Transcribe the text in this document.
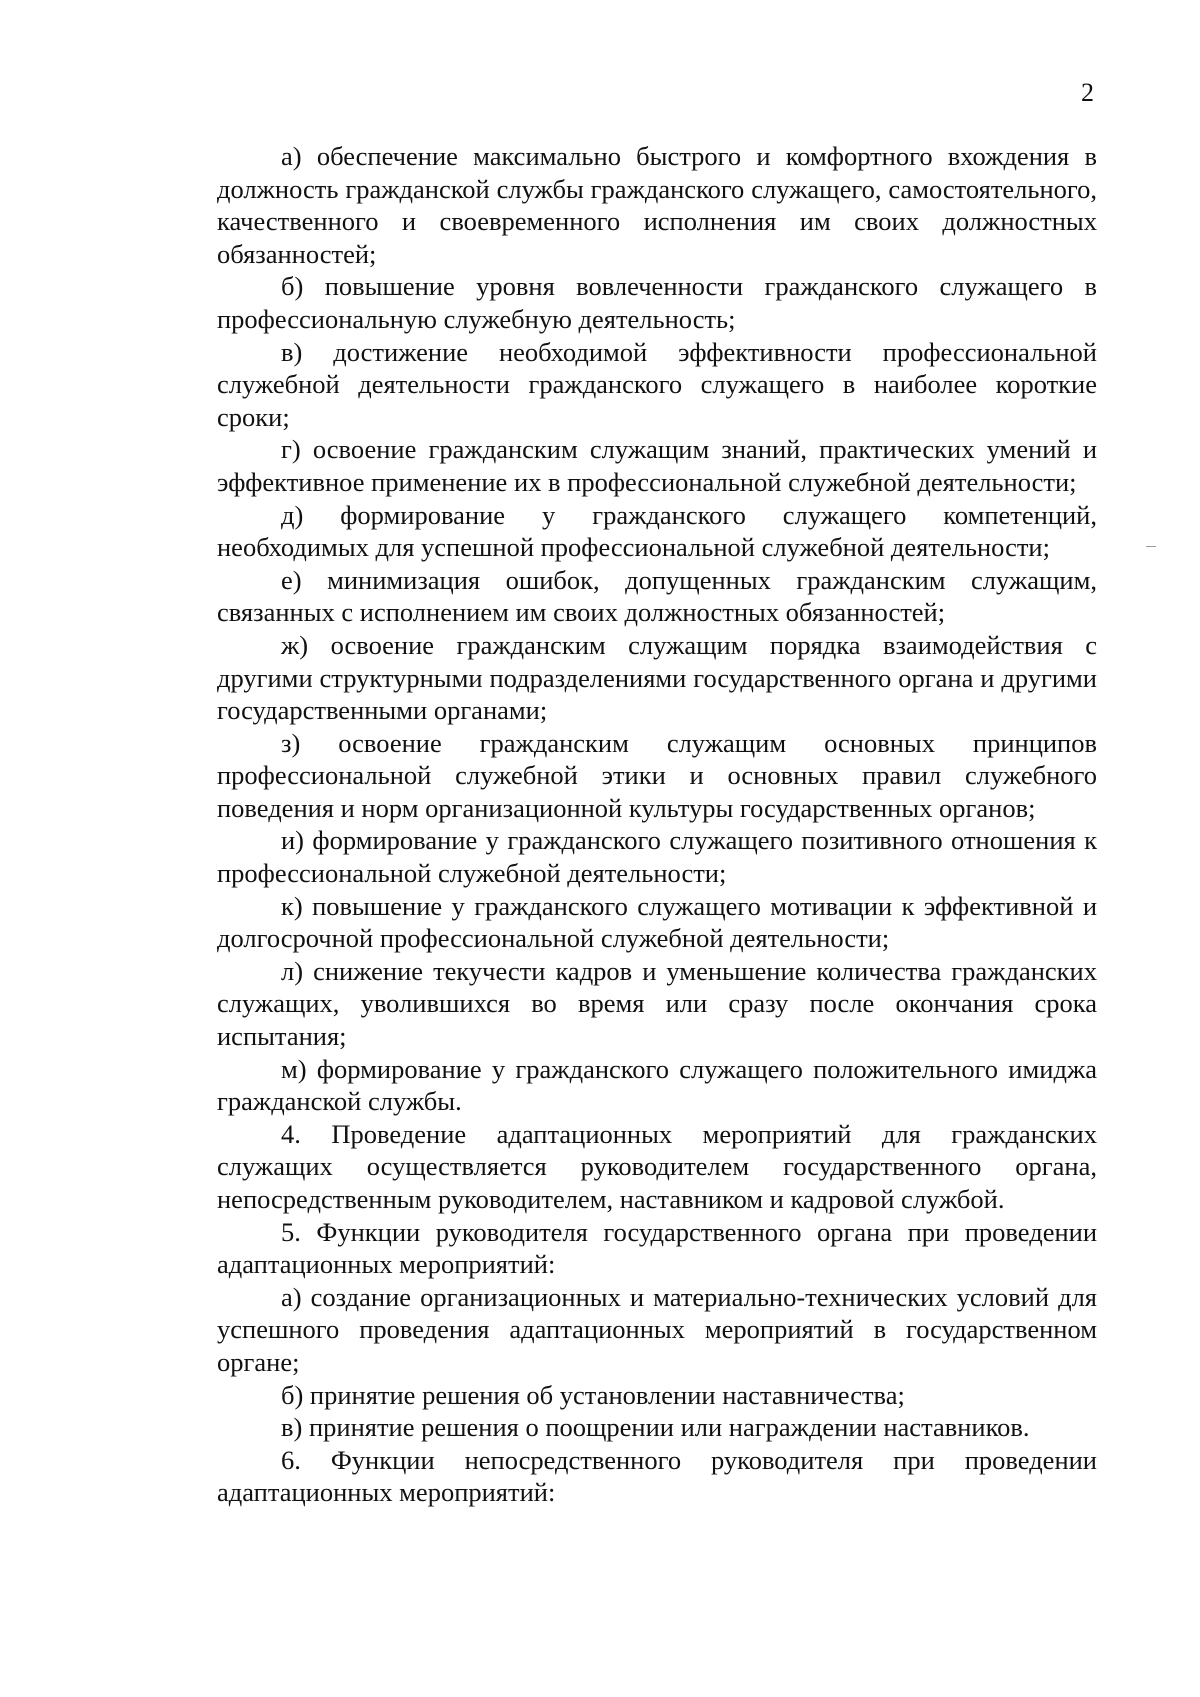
2

а) обеспечение максимально быстрого и комфортного вхождения в должность гражданской службы гражданского служащего, самостоятельного, качественного и своевременного исполнения им своих должностных обязанностей;

б) повышение уровня вовлеченности гражданского служащего в профессиональную служебную деятельность;

в) достижение необходимой эффективности профессиональной служебной деятельности гражданского служащего в наиболее короткие сроки;

г) освоение гражданским служащим знаний, практических умений и эффективное применение их в профессиональной служебной деятельности;

д) формирование у гражданского служащего компетенций, необходимых для успешной профессиональной служебной деятельности;

е) минимизация ошибок, допущенных гражданским служащим, связанных с исполнением им своих должностных обязанностей;

ж) освоение гражданским служащим порядка взаимодействия с другими структурными подразделениями государственного органа и другими государственными органами;

з) освоение гражданским служащим основных принципов профессиональной служебной этики и основных правил служебного поведения и норм организационной культуры государственных органов;

и) формирование у гражданского служащего позитивного отношения к профессиональной служебной деятельности;

к) повышение у гражданского служащего мотивации к эффективной и долгосрочной профессиональной служебной деятельности;

л) снижение текучести кадров и уменьшение количества гражданских служащих, уволившихся во время или сразу после окончания срока испытания;

м) формирование у гражданского служащего положительного имиджа гражданской службы.

4. Проведение адаптационных мероприятий для гражданских служащих осуществляется руководителем государственного органа, непосредственным руководителем, наставником и кадровой службой.

5. Функции руководителя государственного органа при проведении адаптационных мероприятий:

а) создание организационных и материально-технических условий для успешного проведения адаптационных мероприятий в государственном органе;

б) принятие решения об установлении наставничества;

в) принятие решения о поощрении или награждении наставников.

6. Функции непосредственного руководителя при проведении адаптационных мероприятий:
